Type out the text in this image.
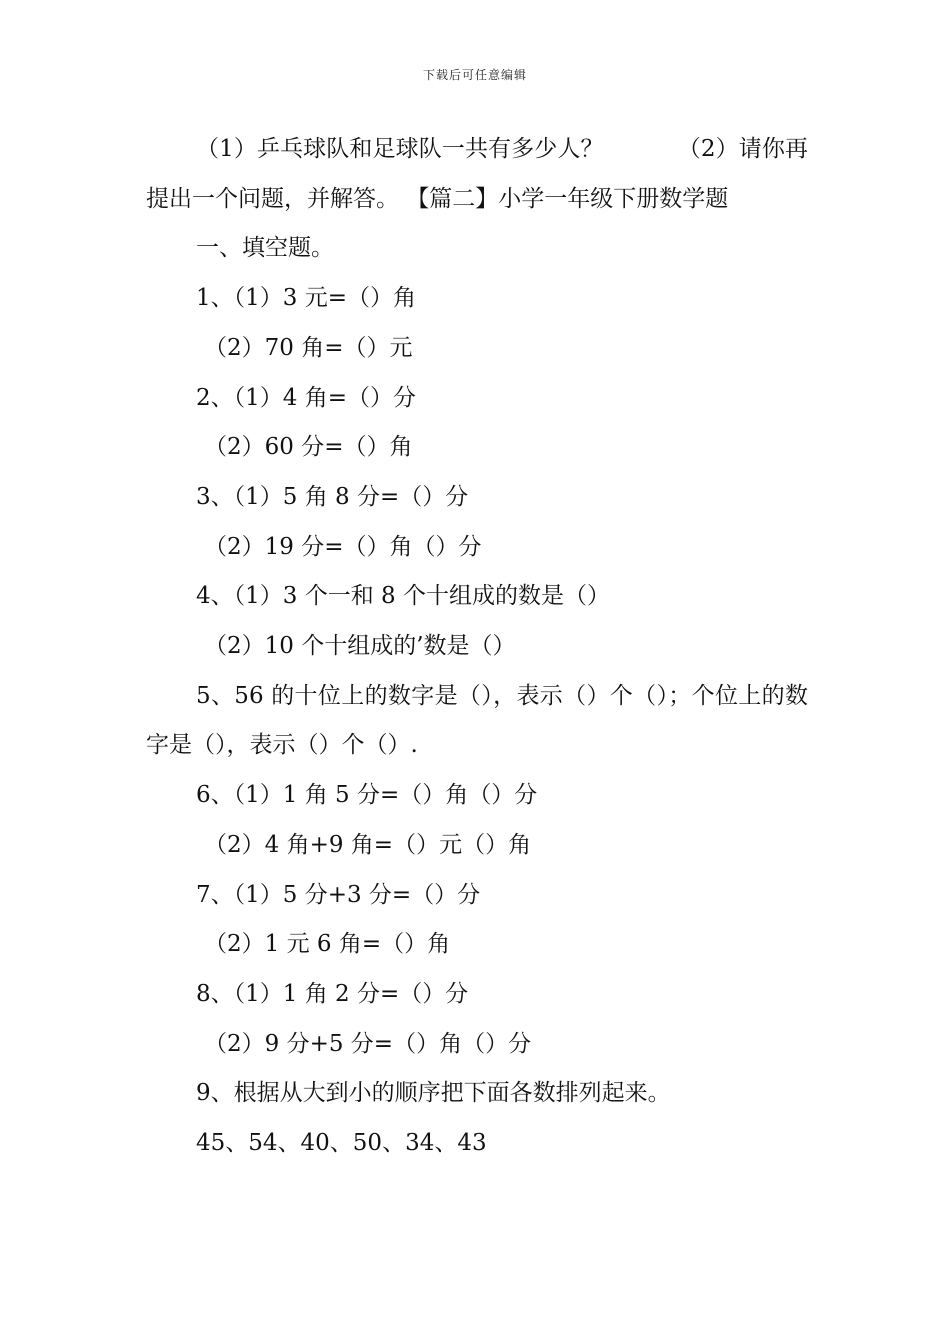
下载后可任意编辑

（1）乒乓球队和足球队一共有多少人？          （2）请你再提出一个问题，并解答。 【篇二】小学一年级下册数学题

一、填空题。

1、（1）3 元=（）角

（2）70 角=（）元

2、（1）4 角=（）分

（2）60 分=（）角

3、（1）5 角 8 分=（）分

（2）19 分=（）角（）分

4、（1）3 个一和 8 个十组成的数是（）

（2）10 个十组成的’数是（）

5、56 的十位上的数字是（），表示（）个（）；个位上的数字是（），表示（）个（）.

6、（1）1 角 5 分=（）角（）分

（2）4 角+9 角=（）元（）角

7、（1）5 分+3 分=（）分

（2）1 元 6 角=（）角

8、（1）1 角 2 分=（）分

（2）9 分+5 分=（）角（）分

9、根据从大到小的顺序把下面各数排列起来。

45、54、40、50、34、43
